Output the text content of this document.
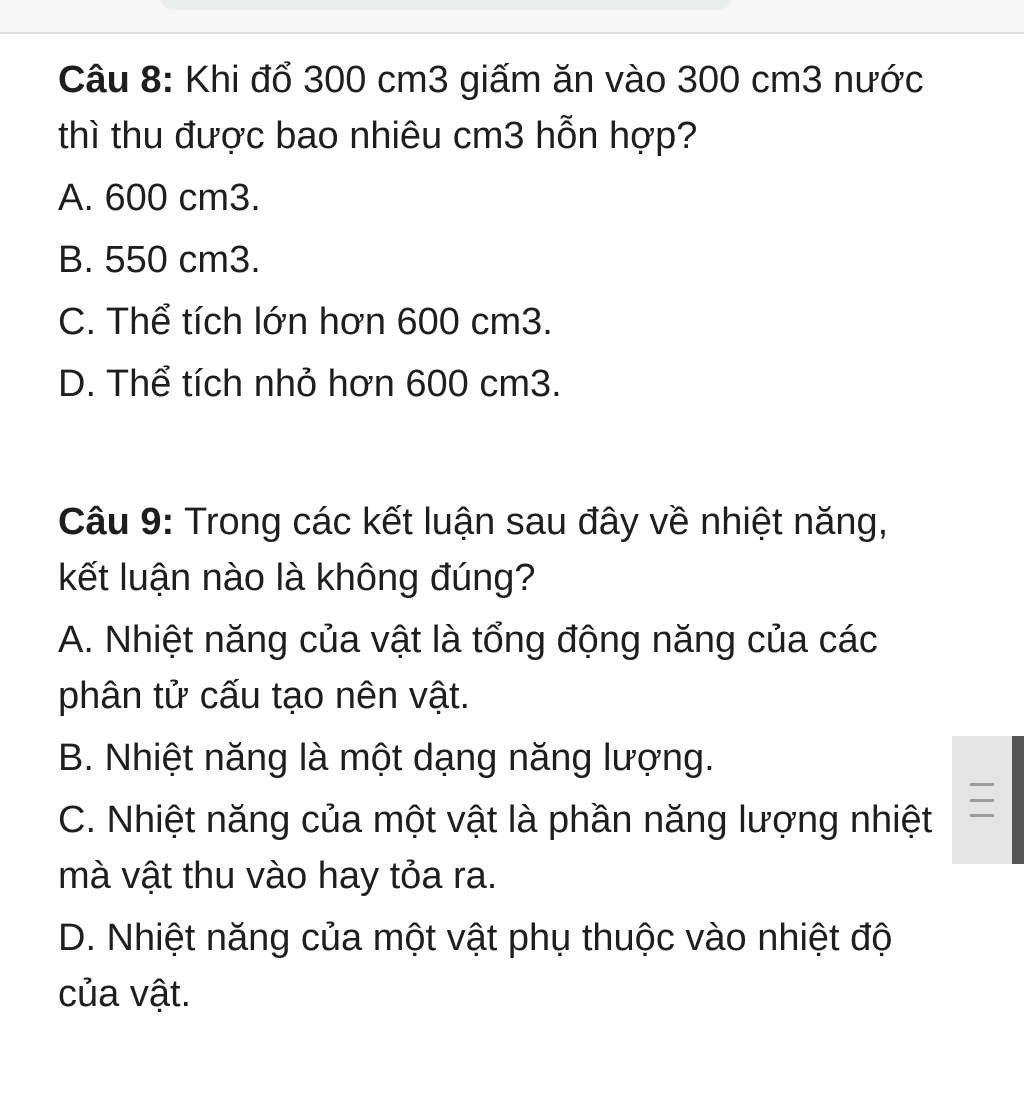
Câu 8: Khi đổ 300 cm3 giấm ăn vào 300 cm3 nước thì thu được bao nhiêu cm3 hỗn hợp?

A. 600 cm3.
B. 550 cm3.
C. Thể tích lớn hơn 600 cm3.
D. Thể tích nhỏ hơn 600 cm3.

Câu 9: Trong các kết luận sau đây về nhiệt năng, kết luận nào là không đúng?

A. Nhiệt năng của vật là tổng động năng của các phân tử cấu tạo nên vật.
B. Nhiệt năng là một dạng năng lượng.
C. Nhiệt năng của một vật là phần năng lượng nhiệt mà vật thu vào hay tỏa ra.
D. Nhiệt năng của một vật phụ thuộc vào nhiệt độ của vật.
